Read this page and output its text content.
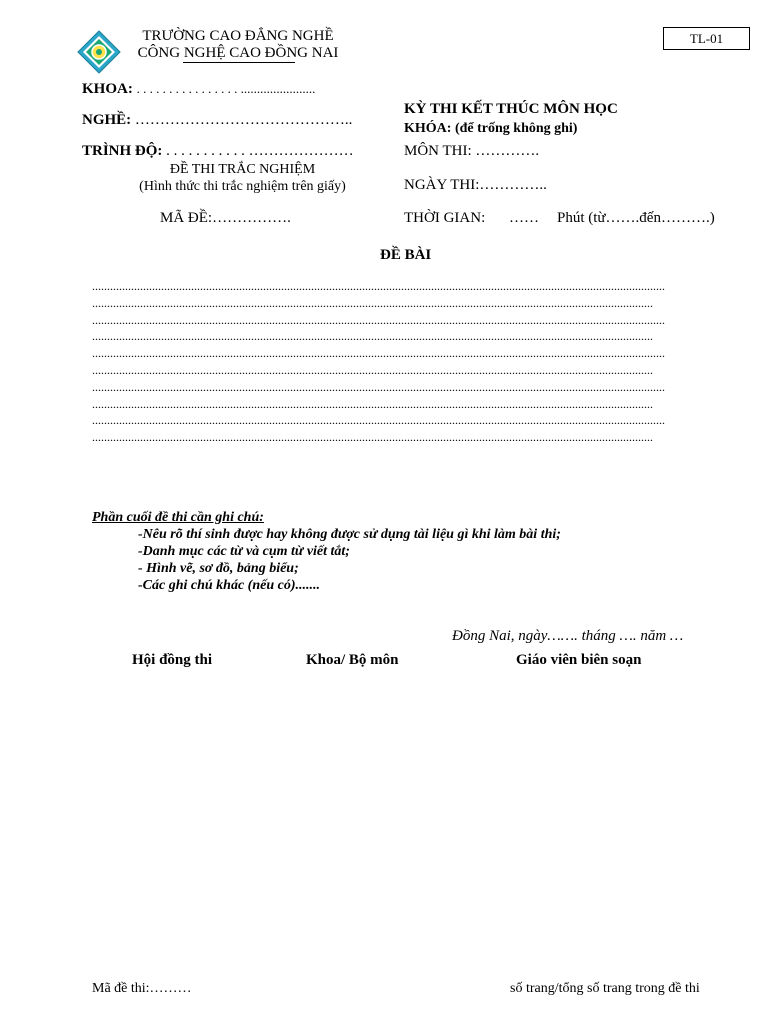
TRƯỜNG CAO ĐẲNG NGHỀ
CÔNG NGHỆ CAO ĐỒNG NAI
TL-01
KHOA: . . . . . . . . . . . . . . . . .......................
NGHỀ: ……………………………………..
TRÌNH ĐỘ: . . . . . . . . . . . …………………
ĐỀ THI TRẮC NGHIỆM
(Hình thức thi trắc nghiệm trên giấy)
MÃ ĐỀ:…………….
KỲ THI KẾT THÚC MÔN HỌC
KHÓA: (để trống không ghi)
MÔN THI: ………….
NGÀY THI:…………..
THỜI GIAN: …… Phút (từ…….đến……….)
ĐỀ BÀI
...............................................................................................................................................................................................
...........................................................................................................................................................................................
...............................................................................................................................................................................................
...........................................................................................................................................................................................
...............................................................................................................................................................................................
...........................................................................................................................................................................................
...............................................................................................................................................................................................
...........................................................................................................................................................................................
...............................................................................................................................................................................................
...........................................................................................................................................................................................
Phần cuối đề thi cần ghi chú:
-Nêu rõ thí sinh được hay không được sử dụng tài liệu gì khi làm bài thi;
-Danh mục các từ và cụm từ viết tắt;
- Hình vẽ, sơ đồ, bảng biểu;
-Các ghi chú khác (nếu có).......
Đồng Nai, ngày……. tháng …. năm …
Hội đồng thi	Khoa/ Bộ môn	Giáo viên biên soạn
Mã đề thi:………	số trang/tổng số trang trong đề thi
